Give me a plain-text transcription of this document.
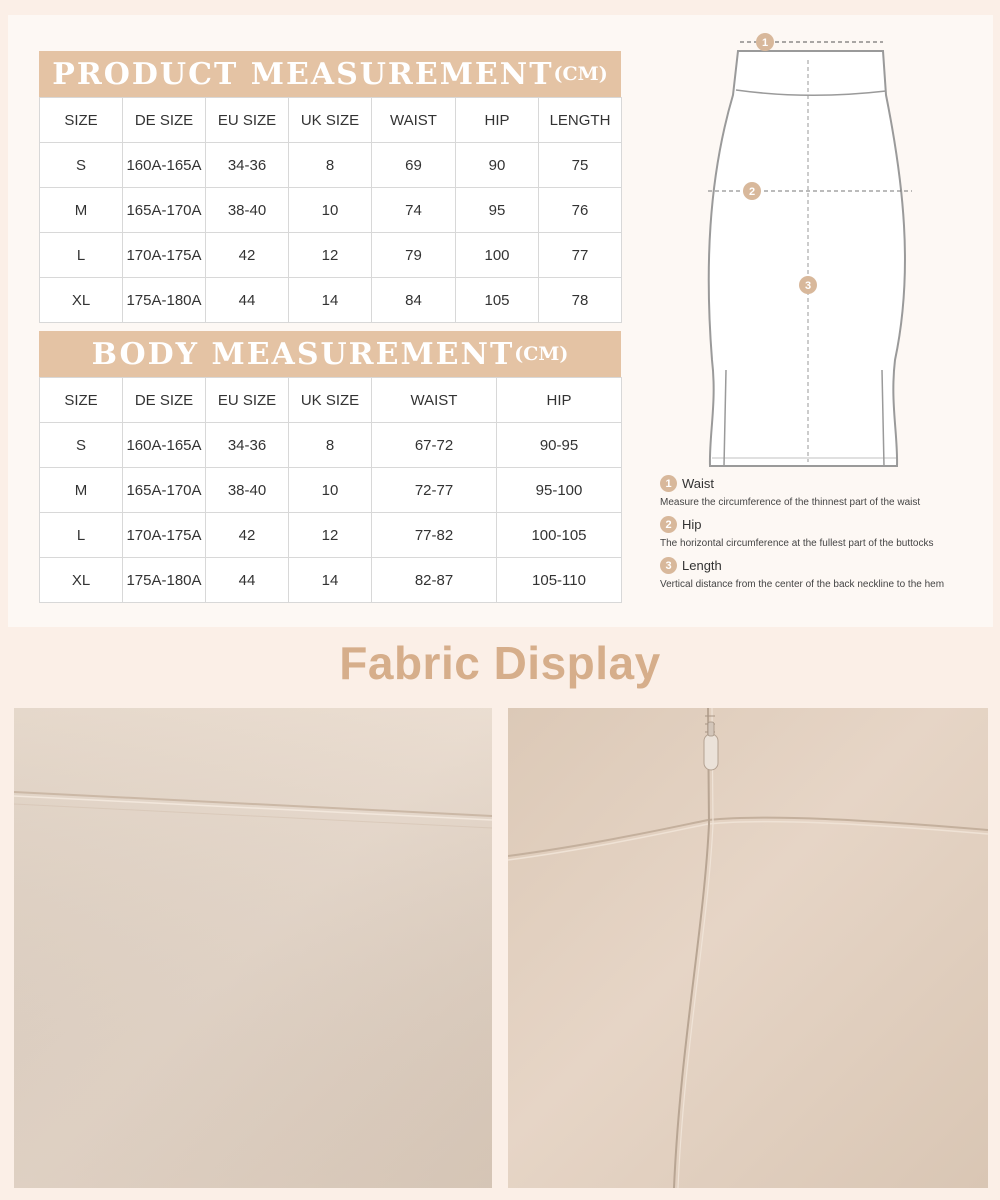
PRODUCT MEASUREMENT (CM)
SIZE	DE SIZE	EU SIZE	UK SIZE	WAIST	HIP	LENGTH
S	160A-165A	34-36	8	69	90	75
M	165A-170A	38-40	10	74	95	76
L	170A-175A	42	12	79	100	77
XL	175A-180A	44	14	84	105	78
BODY MEASUREMENT (CM)
SIZE	DE SIZE	EU SIZE	UK SIZE	WAIST	HIP
S	160A-165A	34-36	8	67-72	90-95
M	165A-170A	38-40	10	72-77	95-100
L	170A-175A	42	12	77-82	100-105
XL	175A-180A	44	14	82-87	105-110
1
2
3
1 Waist
Measure the circumference of the thinnest part of the waist
2 Hip
The horizontal circumference at the fullest part of the buttocks
3 Length
Vertical distance from the center of the back neckline to the hem
Fabric Display
